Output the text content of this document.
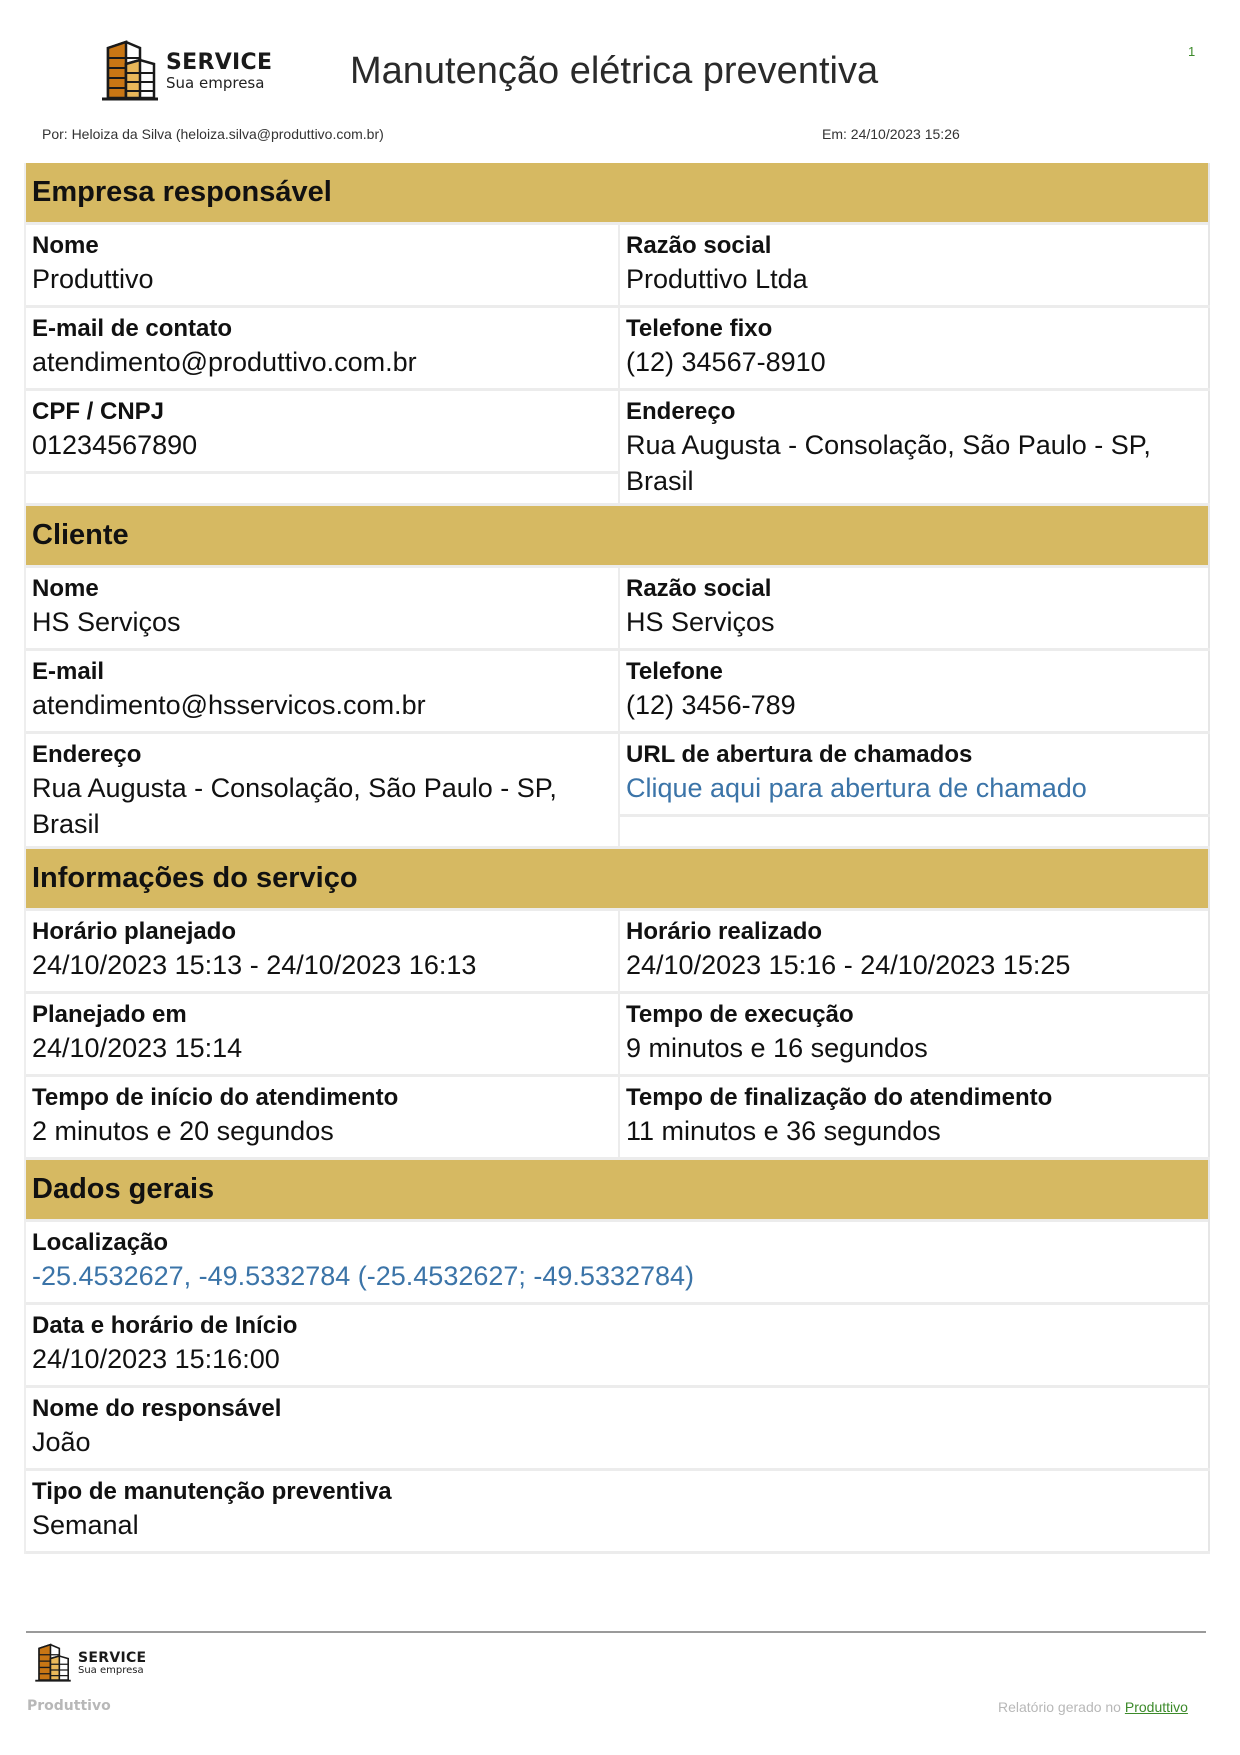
SERVICE
Sua empresa Manutenção elétrica preventiva	1
Por: Heloiza da Silva (heloiza.silva@produttivo.com.br)	Em: 24/10/2023 15:26
Empresa responsável
Nome
Produttivo
Razão social
Produttivo Ltda
E-mail de contato
atendimento@produttivo.com.br
Telefone fixo
(12) 34567-8910
CPF / CNPJ
01234567890
Endereço
Rua Augusta - Consolação, São Paulo - SP, Brasil
Cliente
Nome
HS Serviços
Razão social
HS Serviços
E-mail
atendimento@hsservicos.com.br
Telefone
(12) 3456-789
Endereço
Rua Augusta - Consolação, São Paulo - SP, Brasil
URL de abertura de chamados
Clique aqui para abertura de chamado
Informações do serviço
Horário planejado
24/10/2023 15:13 - 24/10/2023 16:13
Horário realizado
24/10/2023 15:16 - 24/10/2023 15:25
Planejado em
24/10/2023 15:14
Tempo de execução
9 minutos e 16 segundos
Tempo de início do atendimento
2 minutos e 20 segundos
Tempo de finalização do atendimento
11 minutos e 36 segundos
Dados gerais
Localização
-25.4532627, -49.5332784 (-25.4532627; -49.5332784)
Data e horário de Início
24/10/2023 15:16:00
Nome do responsável
João
Tipo de manutenção preventiva
Semanal
SERVICE
Sua empresa
Produttivo	Relatório gerado no Produttivo
